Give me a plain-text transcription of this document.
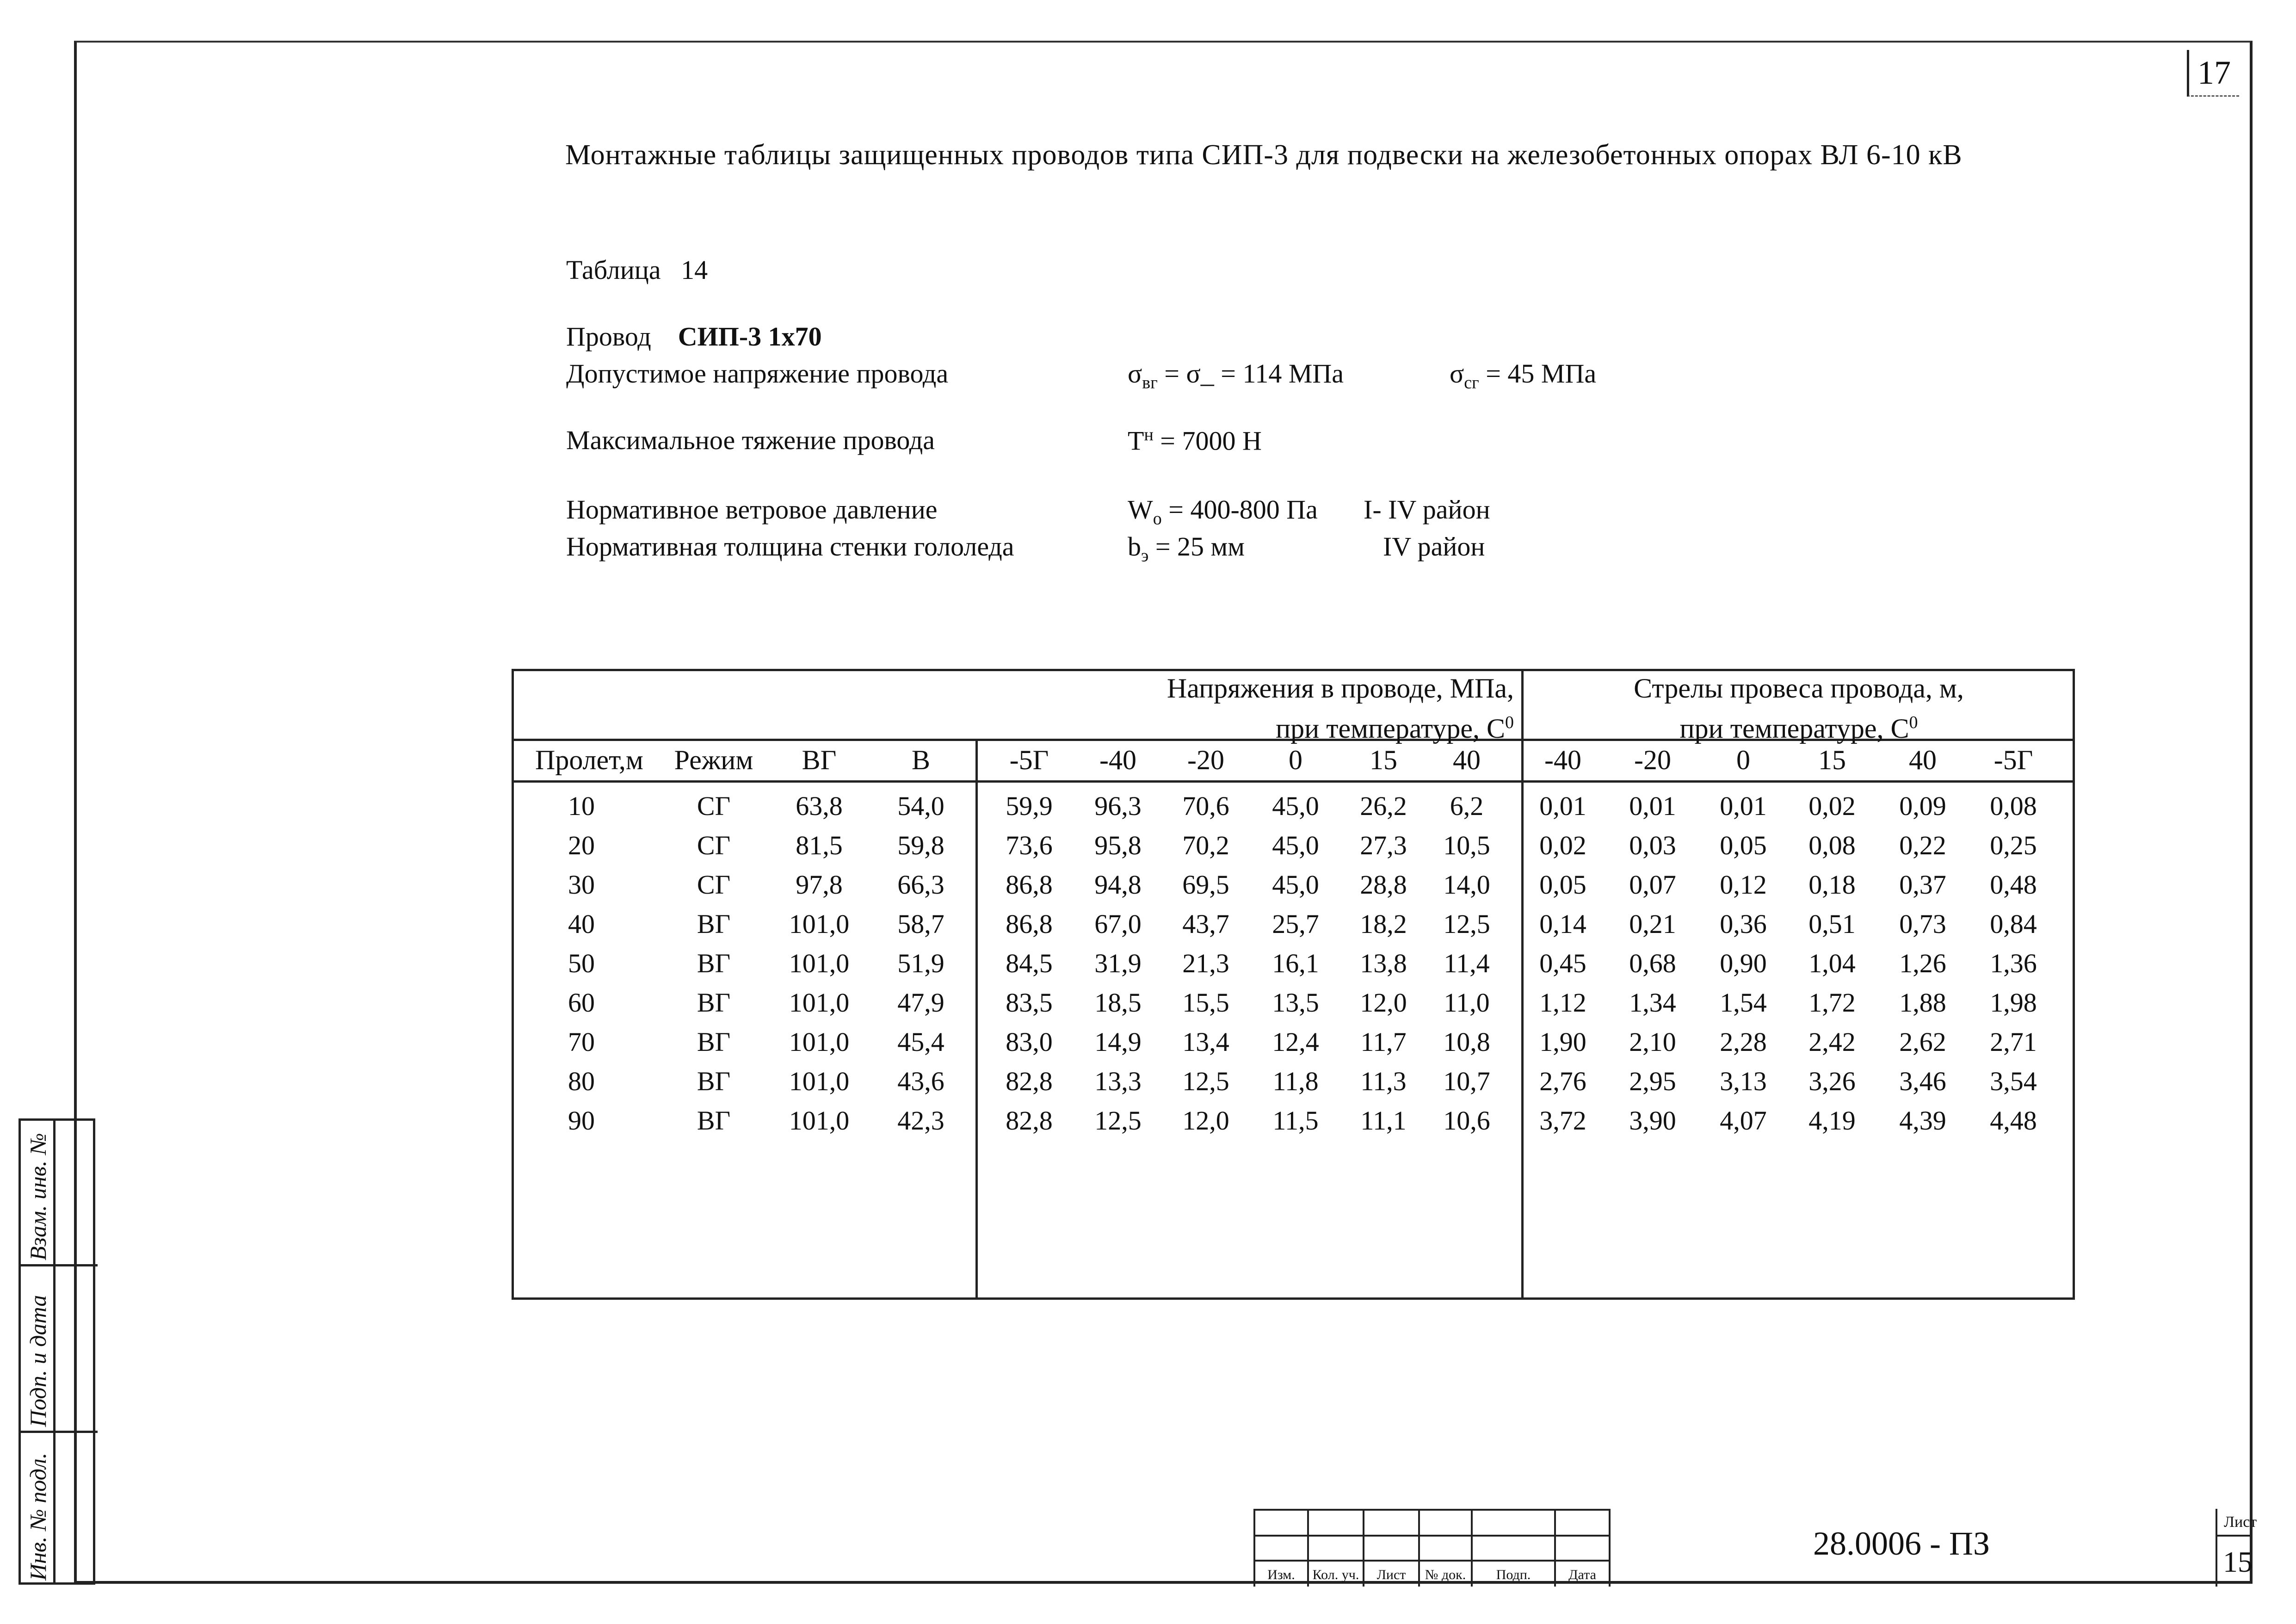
17
Монтажные таблицы защищенных проводов типа СИП-3 для подвески на железобетонных опорах ВЛ 6-10 кВ
Таблица 14
Провод СИП-3 1х70
Допустимое напряжение провода	$\sigma_{вг}$ = σ_ = 114 МПа	$\sigma_{сг} = 45$ МПа
Максимальное тяжение провода	$Т^н = 7000$ Н
Нормативное ветровое давление	$W_o = 400-800$ Па I- IV район
Нормативная толщина стенки гололеда	$b_э = 25$ мм	IV район
Напряжения в проводе, МПа,
при температуре, $С^0$
Стрелы провеса провода, м,
при температуре, $С^0$
Пролет,м Режим	ВГ	В	-5Г	-40	-20	0	15	40	-40	-20	0	15	40	-5Г
10	СГ	63,8	54,0	59,9	96,3	70,6	45,0	26,2	6,2	0,01	0,01	0,01	0,02	0,09	0,08
20	СГ	81,5	59,8	73,6	95,8	70,2	45,0	27,3	10,5	0,02	0,03	0,05	0,08	0,22	0,25
30	СГ	97,8	66,3	86,8	94,8	69,5	45,0	28,8	14,0	0,05	0,07	0,12	0,18	0,37	0,48
40	ВГ	101,0	58,7	86,8	67,0	43,7	25,7	18,2	12,5	0,14	0,21	0,36	0,51	0,73	0,84
50	ВГ	101,0	51,9	84,5	31,9	21,3	16,1	13,8	11,4	0,45	0,68	0,90	1,04	1,26	1,36
60	ВГ	101,0	47,9	83,5	18,5	15,5	13,5	12,0	11,0	1,12	1,34	1,54	1,72	1,88	1,98
70	ВГ	101,0	45,4	83,0	14,9	13,4	12,4	11,7	10,8	1,90	2,10	2,28	2,42	2,62	2,71
80	ВГ	101,0	43,6	82,8	13,3	12,5	11,8	11,3	10,7	2,76	2,95	3,13	3,26	3,46	3,54
90	ВГ	101,0	42,3	82,8	12,5	12,0	11,5	11,1	10,6	3,72	3,90	4,07	4,19	4,39	4,48
Взам. инв. №
Подп. и дата
Инв. № подл.	Изм.	Кол. уч.	Лист	№ док.	Подп.	Дата
28.0006 - ПЗ
Лист
15
